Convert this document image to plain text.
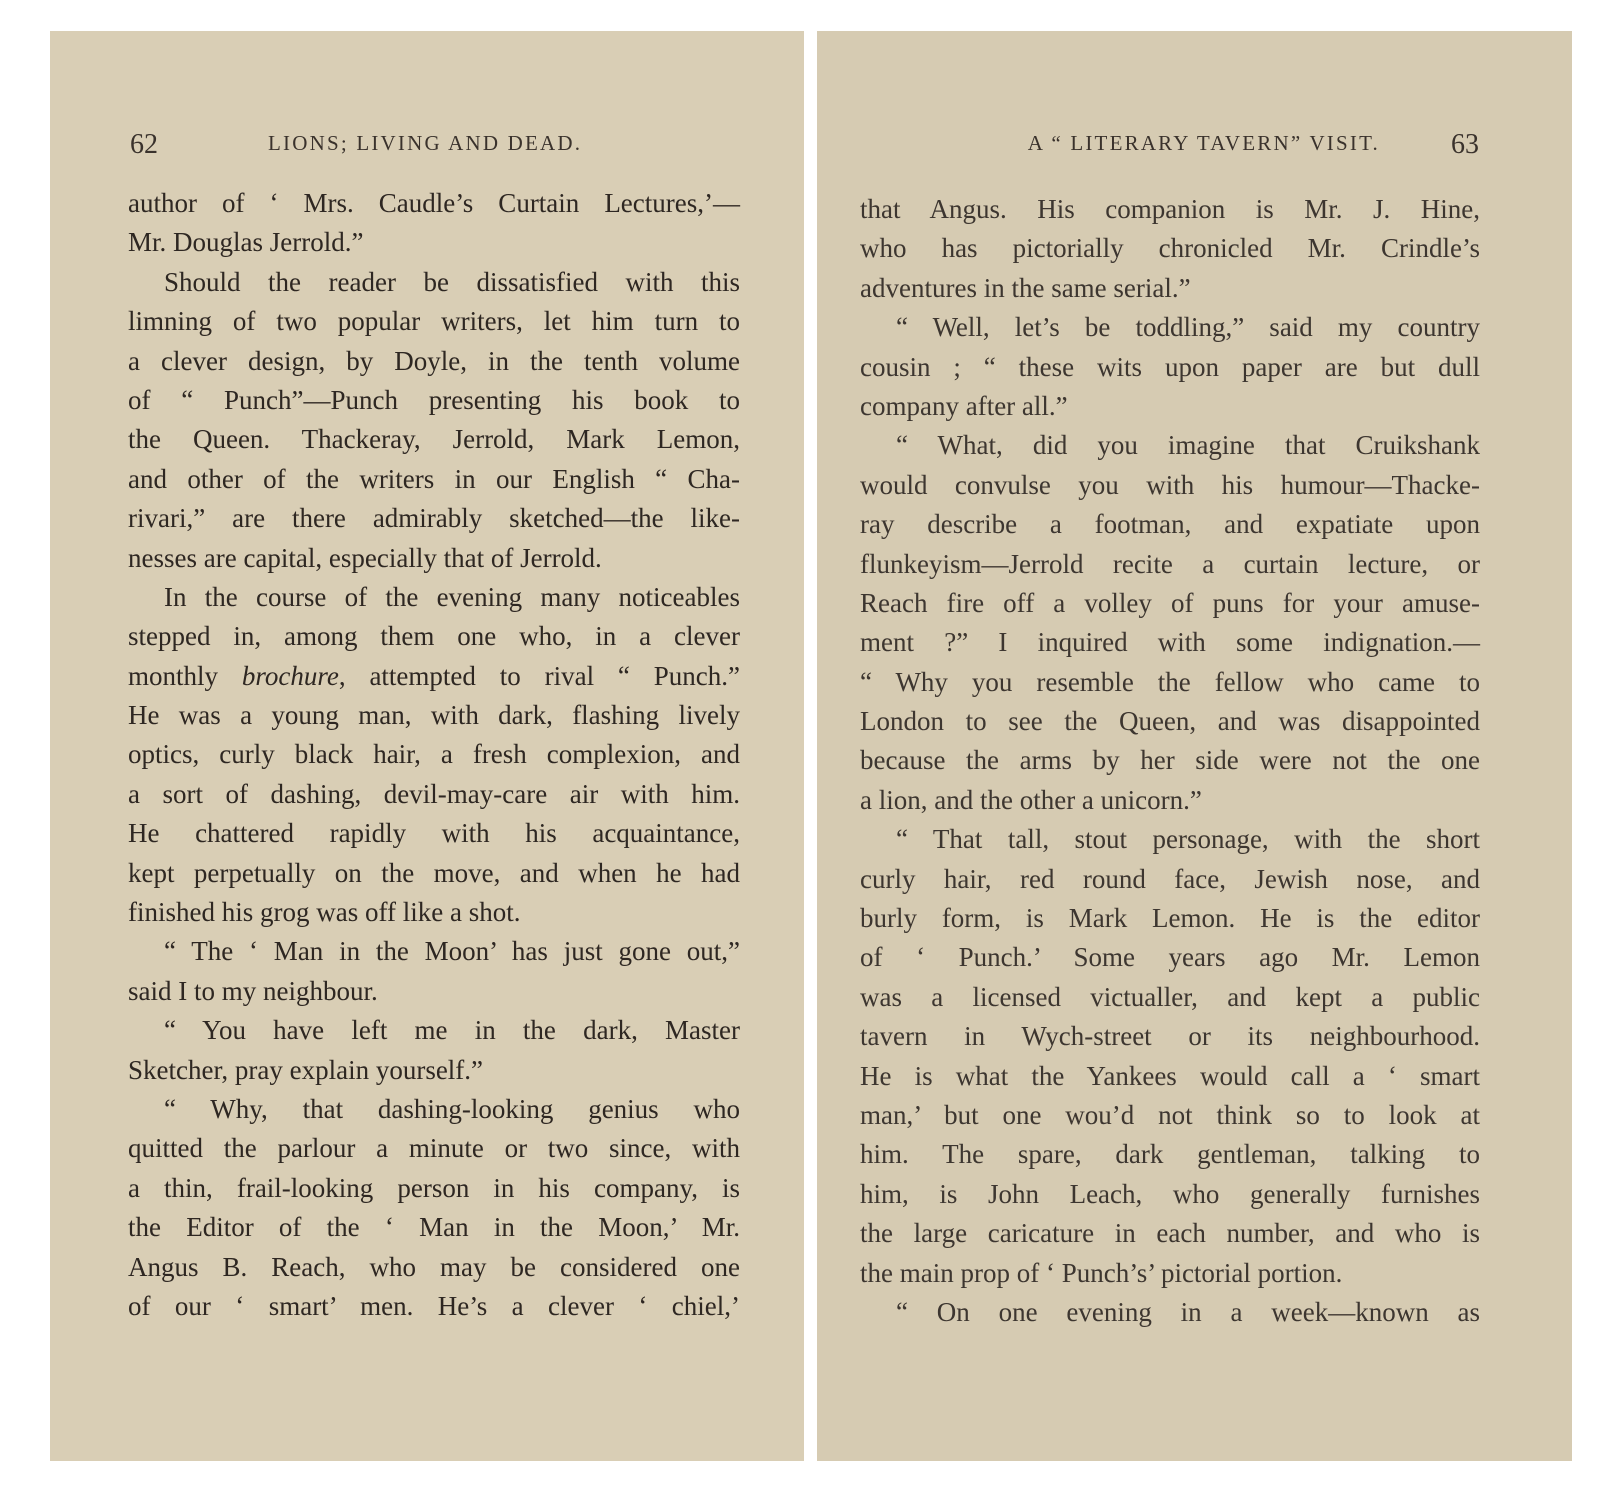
62	LIONS; LIVING AND DEAD.
author of ‘ Mrs. Caudle’s Curtain Lectures,’—
Mr. Douglas Jerrold.”
Should the reader be dissatisfied with this
limning of two popular writers, let him turn to
a clever design, by Doyle, in the tenth volume
of “ Punch”—Punch presenting his book to
the Queen. Thackeray, Jerrold, Mark Lemon,
and other of the writers in our English “ Cha-
rivari,” are there admirably sketched—the like-
nesses are capital, especially that of Jerrold.
In the course of the evening many noticeables
stepped in, among them one who, in a clever
monthly brochure, attempted to rival “ Punch.”
He was a young man, with dark, flashing lively
optics, curly black hair, a fresh complexion, and
a sort of dashing, devil-may-care air with him.
He chattered rapidly with his acquaintance,
kept perpetually on the move, and when he had
finished his grog was off like a shot.
“ The ‘ Man in the Moon’ has just gone out,”
said I to my neighbour.
“ You have left me in the dark, Master
Sketcher, pray explain yourself.”
“ Why, that dashing-looking genius who
quitted the parlour a minute or two since, with
a thin, frail-looking person in his company, is
the Editor of the ‘ Man in the Moon,’ Mr.
Angus B. Reach, who may be considered one
of our ‘ smart’ men. He’s a clever ‘ chiel,’
A “ LITERARY TAVERN” VISIT.	63
that Angus. His companion is Mr. J. Hine,
who has pictorially chronicled Mr. Crindle’s
adventures in the same serial.”
“ Well, let’s be toddling,” said my country
cousin ; “ these wits upon paper are but dull
company after all.”
“ What, did you imagine that Cruikshank
would convulse you with his humour—Thacke-
ray describe a footman, and expatiate upon
flunkeyism—Jerrold recite a curtain lecture, or
Reach fire off a volley of puns for your amuse-
ment ?” I inquired with some indignation.—
“ Why you resemble the fellow who came to
London to see the Queen, and was disappointed
because the arms by her side were not the one
a lion, and the other a unicorn.”
“ That tall, stout personage, with the short
curly hair, red round face, Jewish nose, and
burly form, is Mark Lemon. He is the editor
of ‘ Punch.’ Some years ago Mr. Lemon
was a licensed victualler, and kept a public
tavern in Wych-street or its neighbourhood.
He is what the Yankees would call a ‘ smart
man,’ but one wou’d not think so to look at
him. The spare, dark gentleman, talking to
him, is John Leach, who generally furnishes
the large caricature in each number, and who is
the main prop of ‘ Punch’s’ pictorial portion.
“ On one evening in a week—known as
